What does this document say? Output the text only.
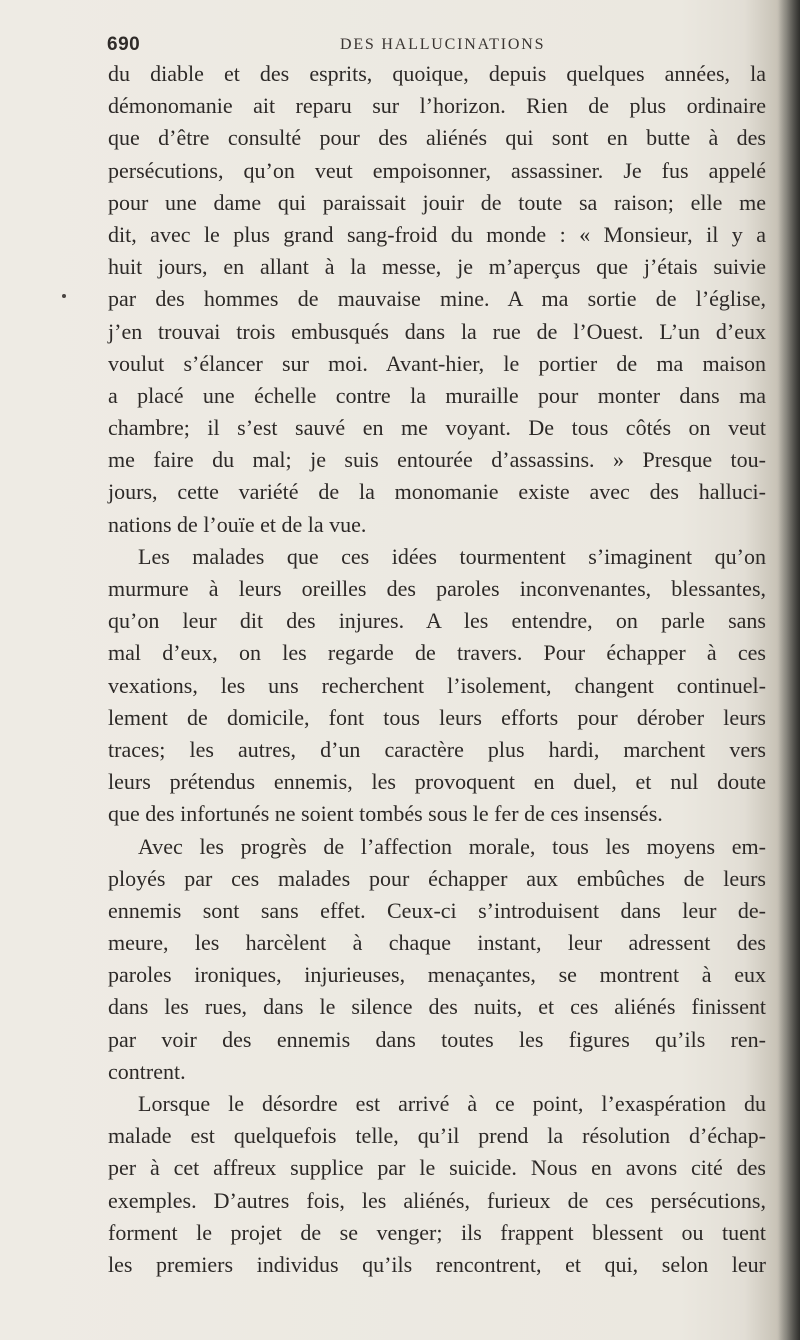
690	DES HALLUCINATIONS
du diable et des esprits, quoique, depuis quelques années, la
démonomanie ait reparu sur l’horizon. Rien de plus ordinaire
que d’être consulté pour des aliénés qui sont en butte à des
persécutions, qu’on veut empoisonner, assassiner. Je fus appelé
pour une dame qui paraissait jouir de toute sa raison; elle me
dit, avec le plus grand sang-froid du monde : « Monsieur, il y a
huit jours, en allant à la messe, je m’aperçus que j’étais suivie
par des hommes de mauvaise mine. A ma sortie de l’église,
j’en trouvai trois embusqués dans la rue de l’Ouest. L’un d’eux
voulut s’élancer sur moi. Avant-hier, le portier de ma maison
a placé une échelle contre la muraille pour monter dans ma
chambre; il s’est sauvé en me voyant. De tous côtés on veut
me faire du mal; je suis entourée d’assassins. » Presque tou-
jours, cette variété de la monomanie existe avec des halluci-
nations de l’ouïe et de la vue.
Les malades que ces idées tourmentent s’imaginent qu’on
murmure à leurs oreilles des paroles inconvenantes, blessantes,
qu’on leur dit des injures. A les entendre, on parle sans
mal d’eux, on les regarde de travers. Pour échapper à ces
vexations, les uns recherchent l’isolement, changent continuel-
lement de domicile, font tous leurs efforts pour dérober leurs
traces; les autres, d’un caractère plus hardi, marchent vers
leurs prétendus ennemis, les provoquent en duel, et nul doute
que des infortunés ne soient tombés sous le fer de ces insensés.
Avec les progrès de l’affection morale, tous les moyens em-
ployés par ces malades pour échapper aux embûches de leurs
ennemis sont sans effet. Ceux-ci s’introduisent dans leur de-
meure, les harcèlent à chaque instant, leur adressent des
paroles ironiques, injurieuses, menaçantes, se montrent à eux
dans les rues, dans le silence des nuits, et ces aliénés finissent
par voir des ennemis dans toutes les figures qu’ils ren-
contrent.
Lorsque le désordre est arrivé à ce point, l’exaspération du
malade est quelquefois telle, qu’il prend la résolution d’échap-
per à cet affreux supplice par le suicide. Nous en avons cité des
exemples. D’autres fois, les aliénés, furieux de ces persécutions,
forment le projet de se venger; ils frappent blessent ou tuent
les premiers individus qu’ils rencontrent, et qui, selon leur
